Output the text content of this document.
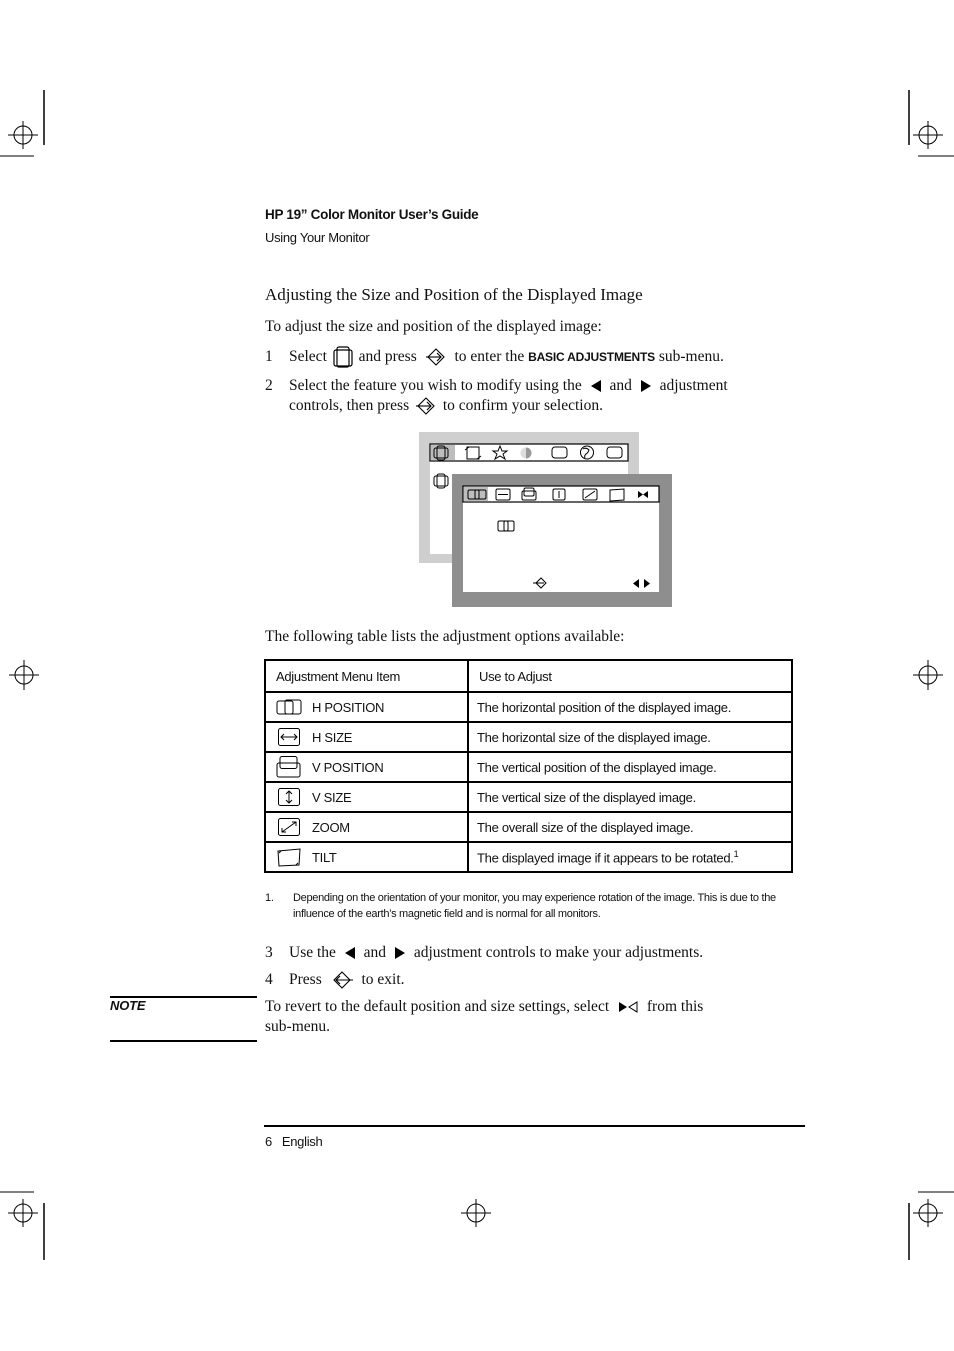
HP 19” Color Monitor User’s Guide
Using Your Monitor
Adjusting the Size and Position of the Displayed Image
To adjust the size and position of the displayed image:
1 Select and press to enter the BASIC ADJUSTMENTS sub-menu.
2 Select the feature you wish to modify using the and adjustment
controls, then press to confirm your selection.
The following table lists the adjustment options available:
Adjustment Menu Item	Use to Adjust

H POSITION	The horizontal position of the displayed image.

H SIZE	The horizontal size of the displayed image.

V POSITION	The vertical position of the displayed image.

V SIZE	The vertical size of the displayed image.

ZOOM	The overall size of the displayed image.

TILT	The displayed image if it appears to be rotated.$^1$
1. Depending on the orientation of your monitor, you may experience rotation of the image. This is due to the influence of the earth’s magnetic field and is normal for all monitors.
3 Use the and adjustment controls to make your adjustments.
4 Press	to exit.
NOTE	To revert to the default position and size settings, select from this
sub-menu.
6 English
